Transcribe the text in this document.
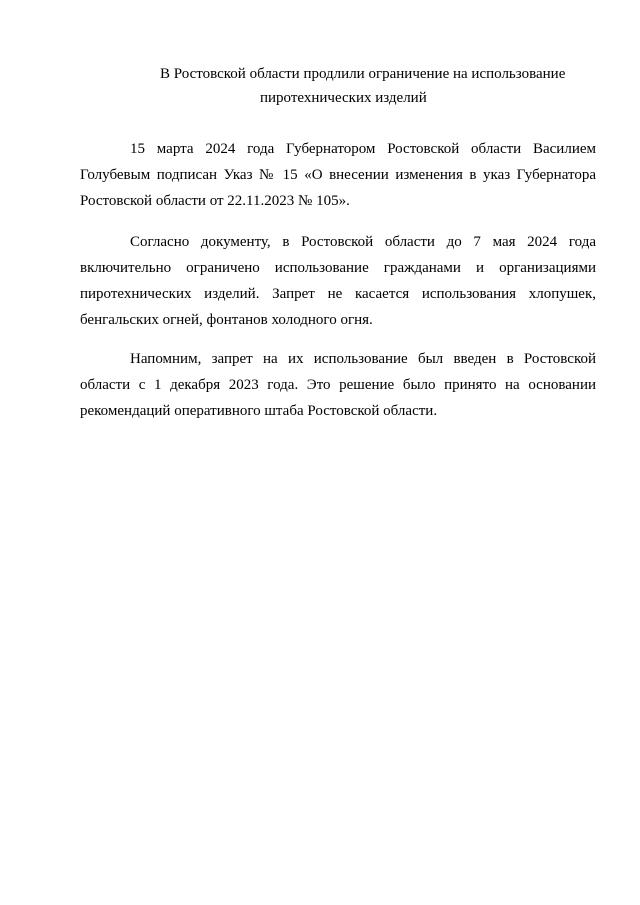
В Ростовской области продлили ограничение на использование
пиротехнических изделий

15 марта 2024 года Губернатором Ростовской области Василием Голубевым подписан Указ № 15 «О внесении изменения в указ Губернатора Ростовской области от 22.11.2023 № 105».

Согласно документу, в Ростовской области до 7 мая 2024 года включительно ограничено использование гражданами и организациями пиротехнических изделий. Запрет не касается использования хлопушек, бенгальских огней, фонтанов холодного огня.

Напомним, запрет на их использование был введен в Ростовской области с 1 декабря 2023 года. Это решение было принято на основании рекомендаций оперативного штаба Ростовской области.
